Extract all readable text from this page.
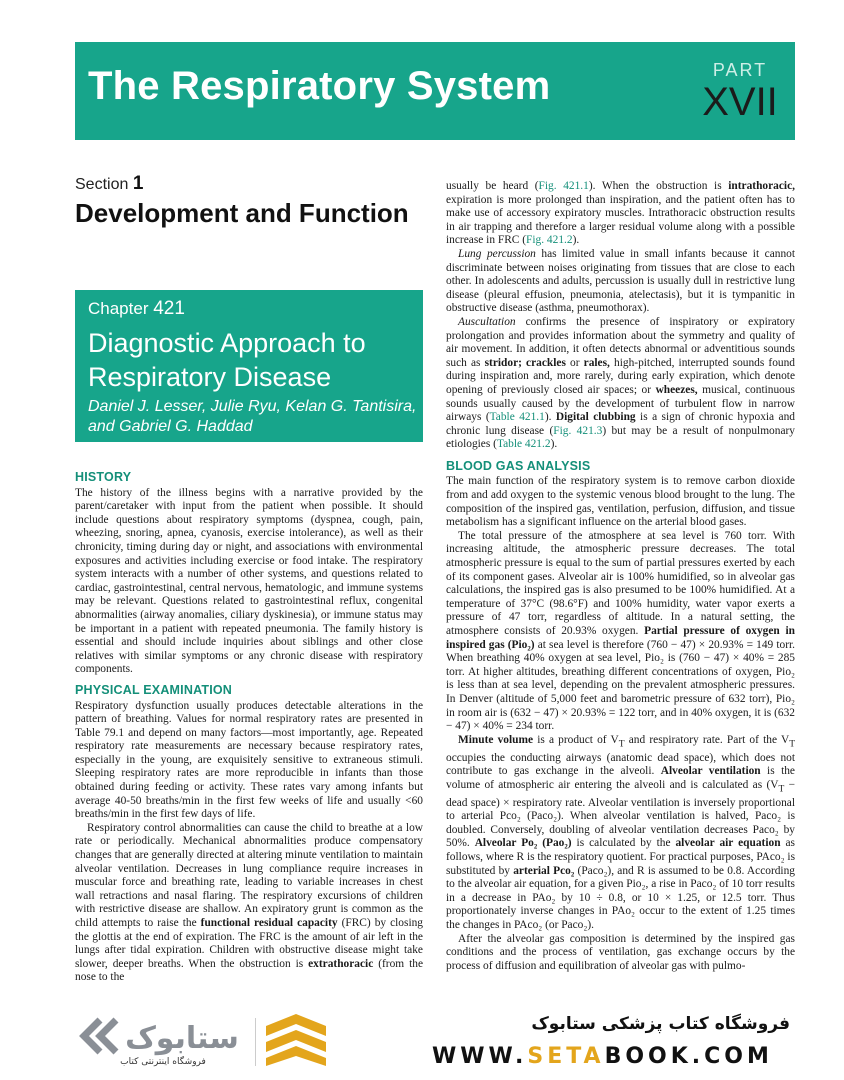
The Respiratory System	PART
XVII
Section 1
Development and Function
Chapter 421
Diagnostic Approach to Respiratory Disease
Daniel J. Lesser, Julie Ryu, Kelan G. Tantisira, and Gabriel G. Haddad
HISTORY

The history of the illness begins with a narrative provided by the parent/caretaker with input from the patient when possible. It should include questions about respiratory symptoms (dyspnea, cough, pain, wheezing, snoring, apnea, cyanosis, exercise intolerance), as well as their chronicity, timing during day or night, and associations with environmental exposures and activities including exercise or food intake. The respiratory system interacts with a number of other systems, and questions related to cardiac, gastrointestinal, central nervous, hematologic, and immune systems may be relevant. Questions related to gastrointestinal reflux, congenital abnormalities (airway anomalies, ciliary dyskinesia), or immune status may be important in a patient with repeated pneumonia. The family history is essential and should include inquiries about siblings and other close relatives with similar symptoms or any chronic disease with respiratory components.

PHYSICAL EXAMINATION

Respiratory dysfunction usually produces detectable alterations in the pattern of breathing. Values for normal respiratory rates are presented in Table 79.1 and depend on many factors—most importantly, age. Repeated respiratory rate measurements are necessary because respiratory rates, especially in the young, are exquisitely sensitive to extraneous stimuli. Sleeping respiratory rates are more reproducible in infants than those obtained during feeding or activity. These rates vary among infants but average 40-50 breaths/min in the first few weeks of life and usually <60 breaths/min in the first few days of life.

Respiratory control abnormalities can cause the child to breathe at a low rate or periodically. Mechanical abnormalities produce compensatory changes that are generally directed at altering minute ventilation to maintain alveolar ventilation. Decreases in lung compliance require increases in muscular force and breathing rate, leading to variable increases in chest wall retractions and nasal flaring. The respiratory excursions of children with restrictive disease are shallow. An expiratory grunt is common as the child attempts to raise the functional residual capacity (FRC) by closing the glottis at the end of expiration. The FRC is the amount of air left in the lungs after tidal expiration. Children with obstructive disease might take slower, deeper breaths. When the obstruction is extrathoracic (from the nose to the

usually be heard (Fig. 421.1). When the obstruction is intrathoracic, expiration is more prolonged than inspiration, and the patient often has to make use of accessory expiratory muscles. Intrathoracic obstruction results in air trapping and therefore a larger residual volume along with a possible increase in FRC (Fig. 421.2).

Lung percussion has limited value in small infants because it cannot discriminate between noises originating from tissues that are close to each other. In adolescents and adults, percussion is usually dull in restrictive lung disease (pleural effusion, pneumonia, atelectasis), but it is tympanitic in obstructive disease (asthma, pneumothorax).

Auscultation confirms the presence of inspiratory or expiratory prolongation and provides information about the symmetry and quality of air movement. In addition, it often detects abnormal or adventitious sounds such as stridor; crackles or rales, high-pitched, interrupted sounds found during inspiration and, more rarely, during early expiration, which denote opening of previously closed air spaces; or wheezes, musical, continuous sounds usually caused by the development of turbulent flow in narrow airways (Table 421.1). Digital clubbing is a sign of chronic hypoxia and chronic lung disease (Fig. 421.3) but may be a result of nonpulmonary etiologies (Table 421.2).

BLOOD GAS ANALYSIS

The main function of the respiratory system is to remove carbon dioxide from and add oxygen to the systemic venous blood brought to the lung. The composition of the inspired gas, ventilation, perfusion, diffusion, and tissue metabolism has a significant influence on the arterial blood gases.

The total pressure of the atmosphere at sea level is 760 torr. With increasing altitude, the atmospheric pressure decreases. The total atmospheric pressure is equal to the sum of partial pressures exerted by each of its component gases. Alveolar air is 100% humidified, so in alveolar gas calculations, the inspired gas is also presumed to be 100% humidified. At a temperature of 37°C (98.6°F) and 100% humidity, water vapor exerts a pressure of 47 torr, regardless of altitude. In a natural setting, the atmosphere consists of 20.93% oxygen. Partial pressure of oxygen in inspired gas (Pio₂) at sea level is therefore (760 − 47) × 20.93% = 149 torr. When breathing 40% oxygen at sea level, Pio₂ is (760 − 47) × 40% = 285 torr. At higher altitudes, breathing different concentrations of oxygen, Pio₂ is less than at sea level, depending on the prevalent atmospheric pressures. In Denver (altitude of 5,000 feet and barometric pressure of 632 torr), Pio₂ in room air is (632 − 47) × 20.93% = 122 torr, and in 40% oxygen, it is (632 − 47) × 40% = 234 torr.

Minute volume is a product of $V_T$ and respiratory rate. Part of the $V_T$ occupies the conducting airways (anatomic dead space), which does not contribute to gas exchange in the alveoli. Alveolar ventilation is the volume of atmospheric air entering the alveoli and is calculated as ($V_T$ − dead space) × respiratory rate. Alveolar ventilation is inversely proportional to arterial Pco₂ (Paco₂). When alveolar ventilation is halved, Paco₂ is doubled. Conversely, doubling of alveolar ventilation decreases Paco₂ by 50%. Alveolar Po₂ (Pao₂) is calculated by the alveolar air equation as follows, where R is the respiratory quotient. For practical purposes, PAco₂ is substituted by arterial Pco₂ (Paco₂), and R is assumed to be 0.8. According to the alveolar air equation, for a given Pio₂, a rise in Paco₂ of 10 torr results in a decrease in PAo₂ by 10 ÷ 0.8, or 10 × 1.25, or 12.5 torr. Thus proportionately inverse changes in PAo₂ occur to the extent of 1.25 times the changes in PAco₂ (or Paco₂).

After the alveolar gas composition is determined by the inspired gas conditions and the process of ventilation, gas exchange occurs by the process of diffusion and equilibration of alveolar gas with pulmo-

ستابوک
فروشگاه اینترنتی کتاب
فروشگاه کتاب پزشکی ستابوک
WWW.SETABOOK.COM
